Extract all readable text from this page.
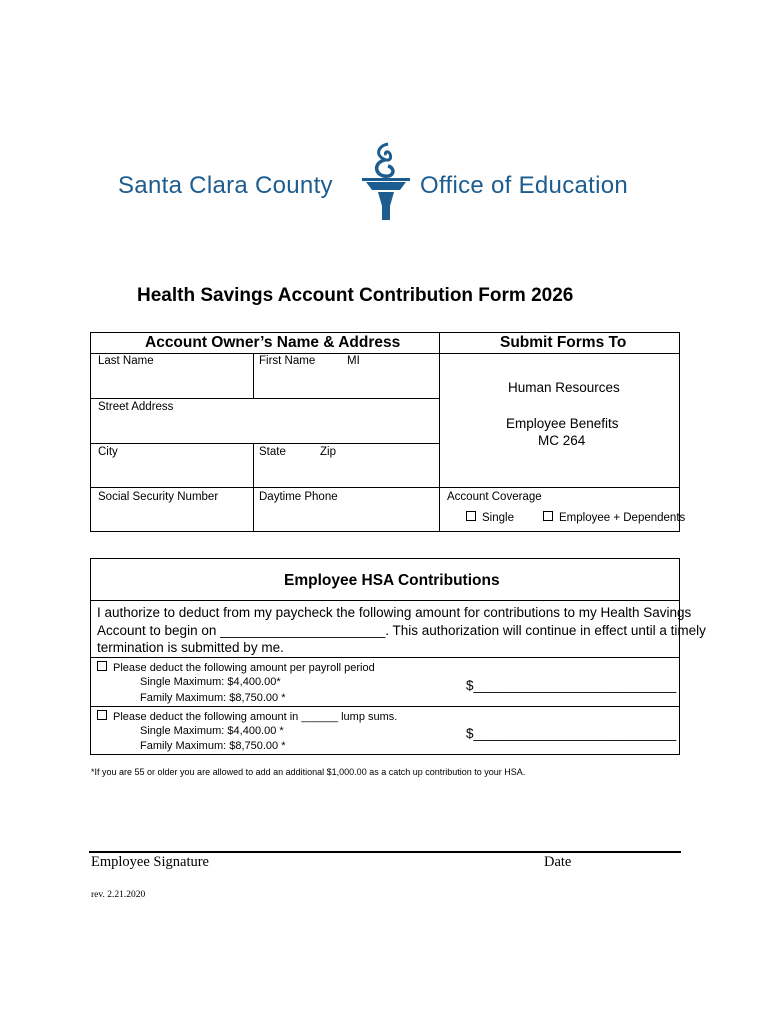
Santa Clara County	Office of Education
Health Savings Account Contribution Form 2026
Account Owner’s Name & Address	Submit Forms To
Last Name	First Name	MI
Street Address
City	State	Zip
Social Security Number	Daytime Phone
Human Resources
Employee Benefits
MC 264
Account Coverage
Single	Employee + Dependents
Employee HSA Contributions
I authorize to deduct from my paycheck the following amount for contributions to my Health Savings
Account to begin on ______________________. This authorization will continue in effect until a timely
termination is submitted by me.
Please deduct the following amount per payroll period
Single Maximum: $4,400.00*
Family Maximum: $8,750.00 *
$___________________________
Please deduct the following amount in ______ lump sums.
Single Maximum: $4,400.00 *
Family Maximum: $8,750.00 *
$___________________________
*If you are 55 or older you are allowed to add an additional $1,000.00 as a catch up contribution to your HSA.
Employee Signature	Date
rev. 2.21.2020
